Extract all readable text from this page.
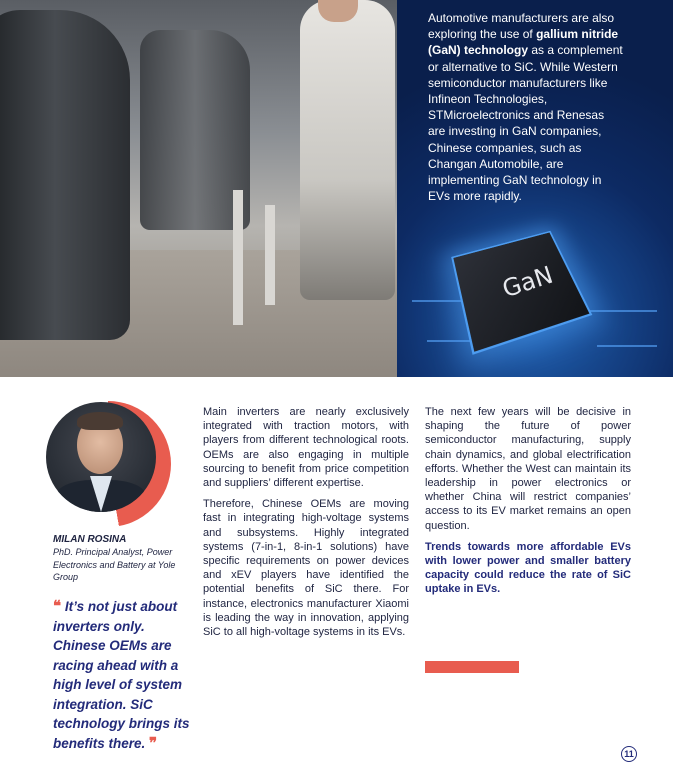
Automotive manufacturers are also exploring the use of gallium nitride (GaN) technology as a complement or alternative to SiC. While Western semiconductor manufacturers like Infineon Technologies, STMicroelectronics and Renesas are investing in GaN companies, Chinese companies, such as Changan Automobile, are implementing GaN technology in EVs more rapidly.
GaN
MILAN ROSINA
PhD. Principal Analyst, Power Electronics and Battery at Yole Group
❝ It’s not just about inverters only. Chinese OEMs are racing ahead with a high level of system integration. SiC technology brings its benefits there. ❞

Main inverters are nearly exclusively integrated with traction motors, with players from different technological roots. OEMs are also engaging in multiple sourcing to benefit from price competition and suppliers’ different expertise.

Therefore, Chinese OEMs are moving fast in integrating high-voltage systems and subsystems. Highly integrated systems (7-in-1, 8-in-1 solutions) have specific requirements on power devices and xEV players have identified the potential benefits of SiC there. For instance, electronics manufacturer Xiaomi is leading the way in innovation, applying SiC to all high-voltage systems in its EVs.

The next few years will be decisive in shaping the future of power semiconductor manufacturing, supply chain dynamics, and global electrification efforts. Whether the West can maintain its leadership in power electronics or whether China will restrict companies’ access to its EV market remains an open question.

Trends towards more affordable EVs with lower power and smaller battery capacity could reduce the rate of SiC uptake in EVs.

11
